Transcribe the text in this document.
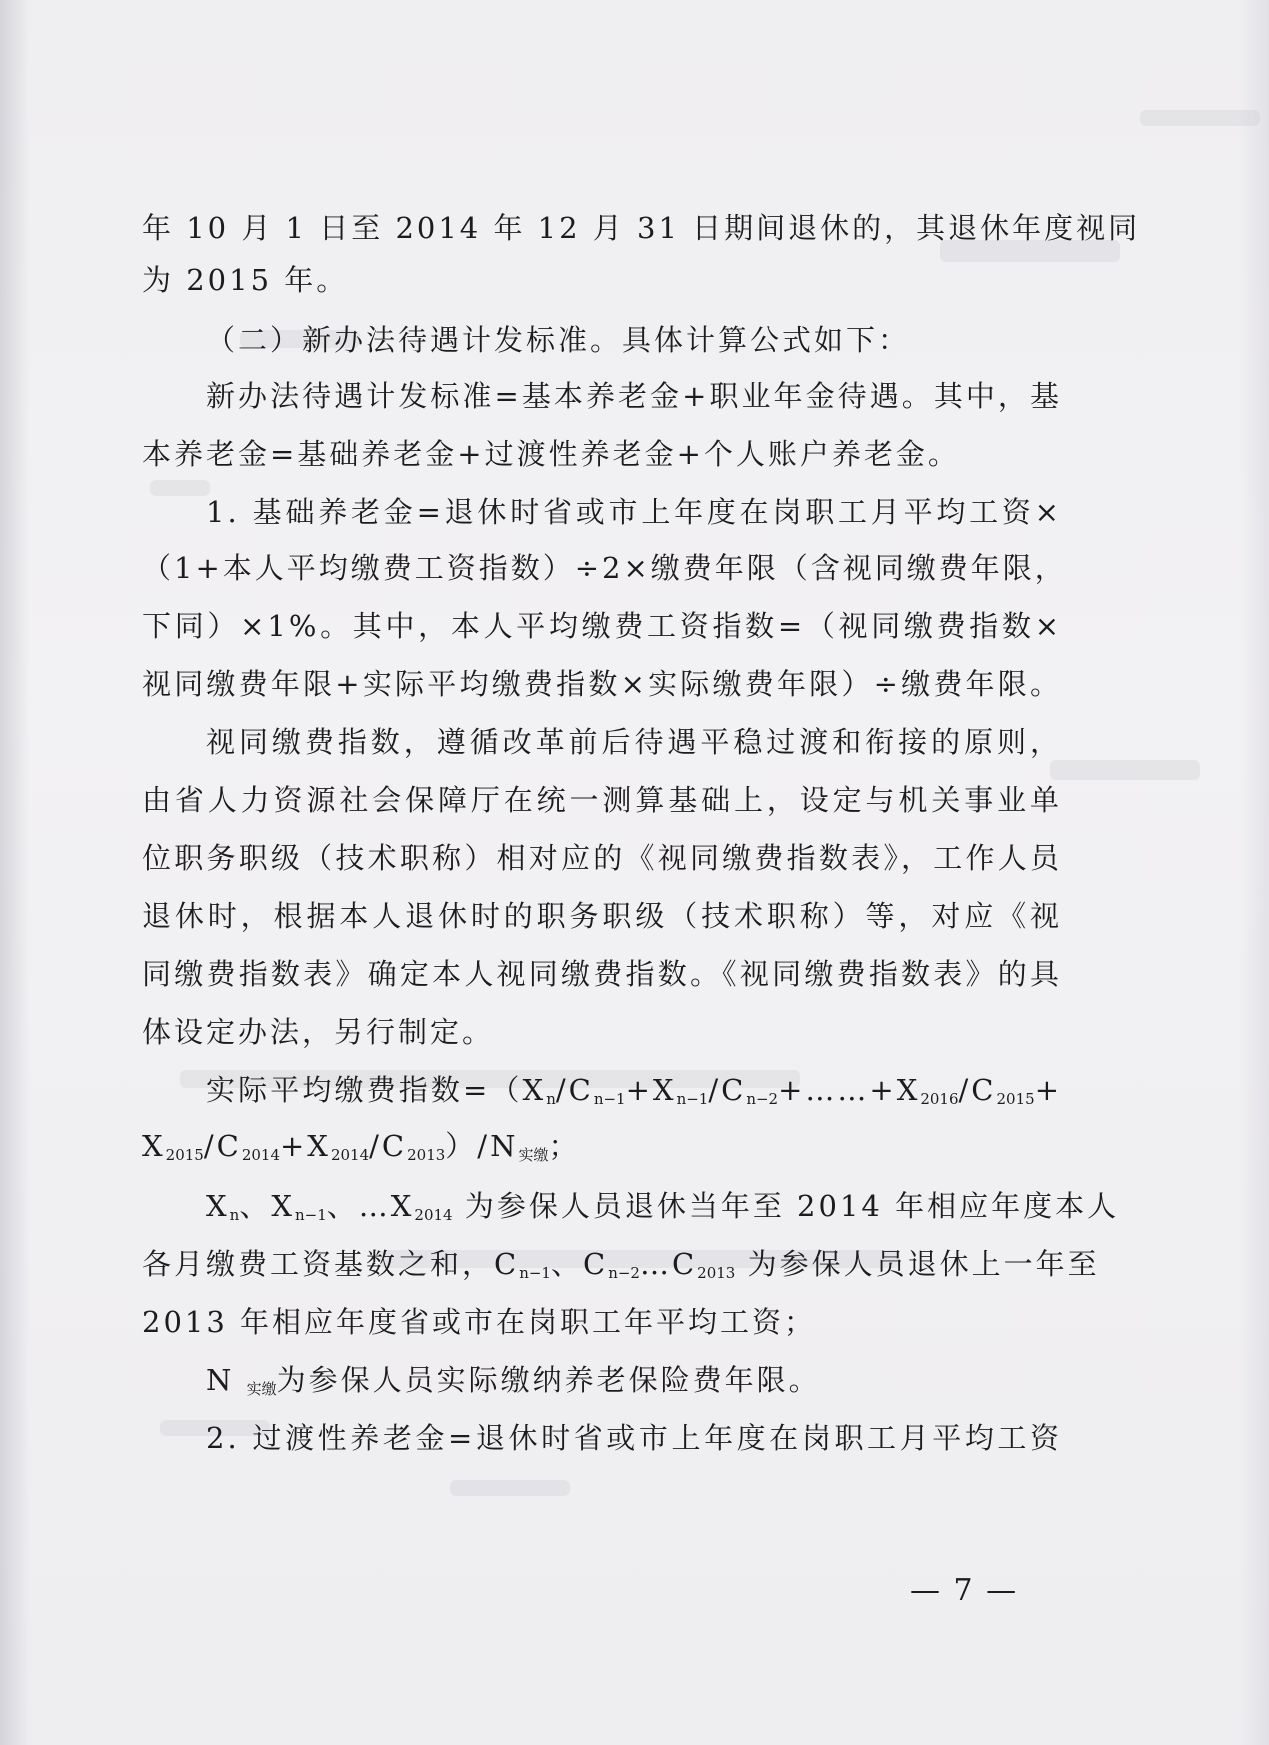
年 10 月 1 日至 2014 年 12 月 31 日期间退休的，其退休年度视同
为 2015 年。
（二）新办法待遇计发标准。具体计算公式如下：
新办法待遇计发标准=基本养老金+职业年金待遇。其中，基
本养老金=基础养老金+过渡性养老金+个人账户养老金。
1. 基础养老金=退休时省或市上年度在岗职工月平均工资×
（1+本人平均缴费工资指数）÷2×缴费年限（含视同缴费年限，
下同）×1%。其中，本人平均缴费工资指数=（视同缴费指数×
视同缴费年限+实际平均缴费指数×实际缴费年限）÷缴费年限。
视同缴费指数，遵循改革前后待遇平稳过渡和衔接的原则，
由省人力资源社会保障厅在统一测算基础上，设定与机关事业单
位职务职级（技术职称）相对应的《视同缴费指数表》，工作人员
退休时，根据本人退休时的职务职级（技术职称）等，对应《视
同缴费指数表》确定本人视同缴费指数。《视同缴费指数表》的具
体设定办法，另行制定。
实际平均缴费指数$=(X_n/C_{n-1}+X_{n-1}/C_{n-2}+\dots\dots+X_{2016}/C_{2015}+$
$X_{2015}/C_{2014}+X_{2014}/C_{2013})/N_{实缴}$；
$X_n$、$X_{n-1}$、$\dots X_{2014}$ 为参保人员退休当年至 2014 年相应年度本人
各月缴费工资基数之和，$C_{n-1}$、$C_{n-2}\dots C_{2013}$ 为参保人员退休上一年至
2013 年相应年度省或市在岗职工年平均工资；
N $_{实缴}$为参保人员实际缴纳养老保险费年限。
2. 过渡性养老金=退休时省或市上年度在岗职工月平均工资
— 7 —
